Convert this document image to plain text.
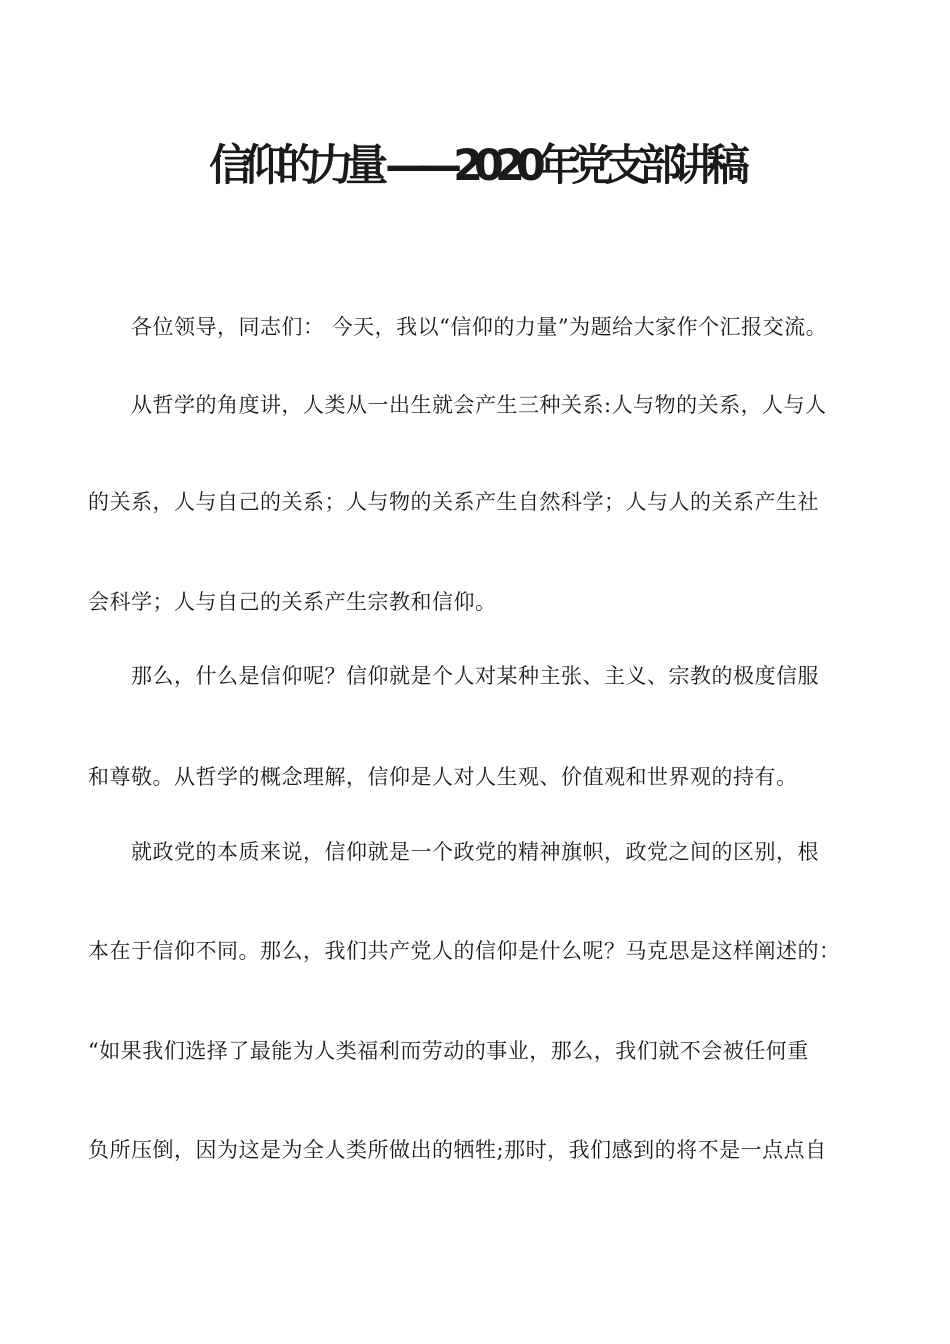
信仰的力量 ——2020年党支部讲稿
各位领导，同志们： 今天，我以“信仰的力量”为题给大家作个汇报交流。
从哲学的角度讲，人类从一出生就会产生三种关系:人与物的关系，人与人
的关系，人与自己的关系；人与物的关系产生自然科学；人与人的关系产生社
会科学；人与自己的关系产生宗教和信仰。
那么，什么是信仰呢？信仰就是个人对某种主张、主义、宗教的极度信服
和尊敬。从哲学的概念理解，信仰是人对人生观、价值观和世界观的持有。
就政党的本质来说，信仰就是一个政党的精神旗帜，政党之间的区别，根
本在于信仰不同。那么，我们共产党人的信仰是什么呢？马克思是这样阐述的：
“如果我们选择了最能为人类福利而劳动的事业，那么，我们就不会被任何重
负所压倒，因为这是为全人类所做出的牺牲;那时，我们感到的将不是一点点自
